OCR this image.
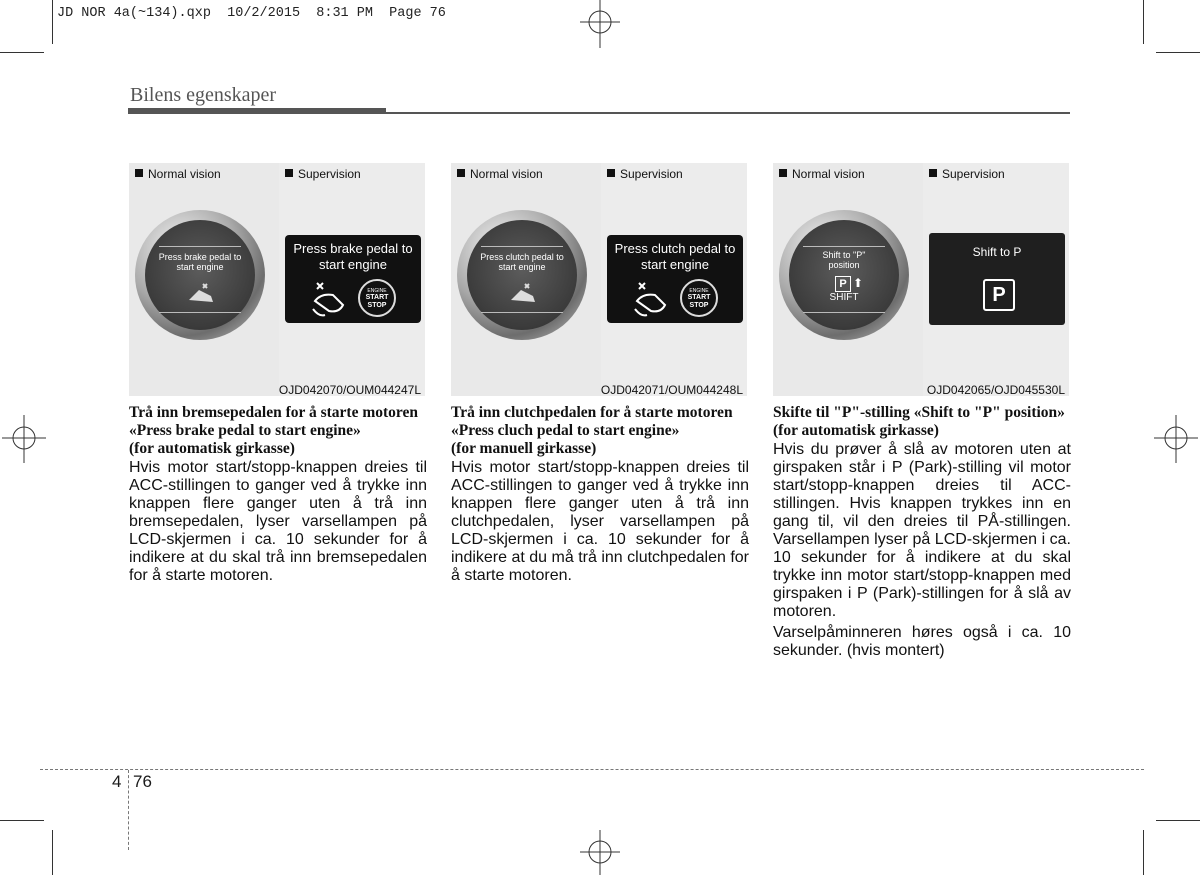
JD NOR 4a(~134).qxp  10/2/2015  8:31 PM  Page 76
Bilens egenskaper
Normal vision
Press brake pedal to start engine
Supervision
Press brake pedal to start engine
ENGINE
START STOP
OJD042070/OUM044247L
Normal vision
Press clutch pedal to start engine
Supervision
Press clutch pedal to start engine
ENGINE
START STOP
OJD042071/OUM044248L
Normal vision
Shift to "P" position
P ⬆
SHIFT
Supervision
Shift to P
P
OJD042065/OJD045530L
Trå inn bremsepedalen for å starte motoren
«Press brake pedal to start engine»
(for automatisk girkasse)

Hvis motor start/stopp-knappen dreies til ACC-stillingen to ganger ved å trykke inn knappen flere ganger uten å trå inn bremsepedalen, lyser varsellampen på LCD-skjermen i ca. 10 sekunder for å indikere at du skal trå inn bremsepedalen for å starte motoren.

Trå inn clutchpedalen for å starte motoren
«Press cluch pedal to start engine»
(for manuell girkasse)

Hvis motor start/stopp-knappen dreies til ACC-stillingen to ganger ved å trykke inn knappen flere ganger uten å trå inn clutchpedalen, lyser varsellampen på LCD-skjermen i ca. 10 sekunder for å indikere at du må trå inn clutchpedalen for å starte motoren.

Skifte til "P"-stilling «Shift to "P" position»
(for automatisk girkasse)

Hvis du prøver å slå av motoren uten at girspaken står i P (Park)-stilling vil motor start/stopp-knappen dreies til ACC-stillingen. Hvis knappen trykkes inn en gang til, vil den dreies til PÅ-stillingen. Varsellampen lyser på LCD-skjermen i ca. 10 sekunder for å indikere at du skal trykke inn motor start/stopp-knappen med girspaken i P (Park)-stillingen for å slå av motoren.

Varselpåminneren høres også i ca. 10 sekunder. (hvis montert)

4 76
